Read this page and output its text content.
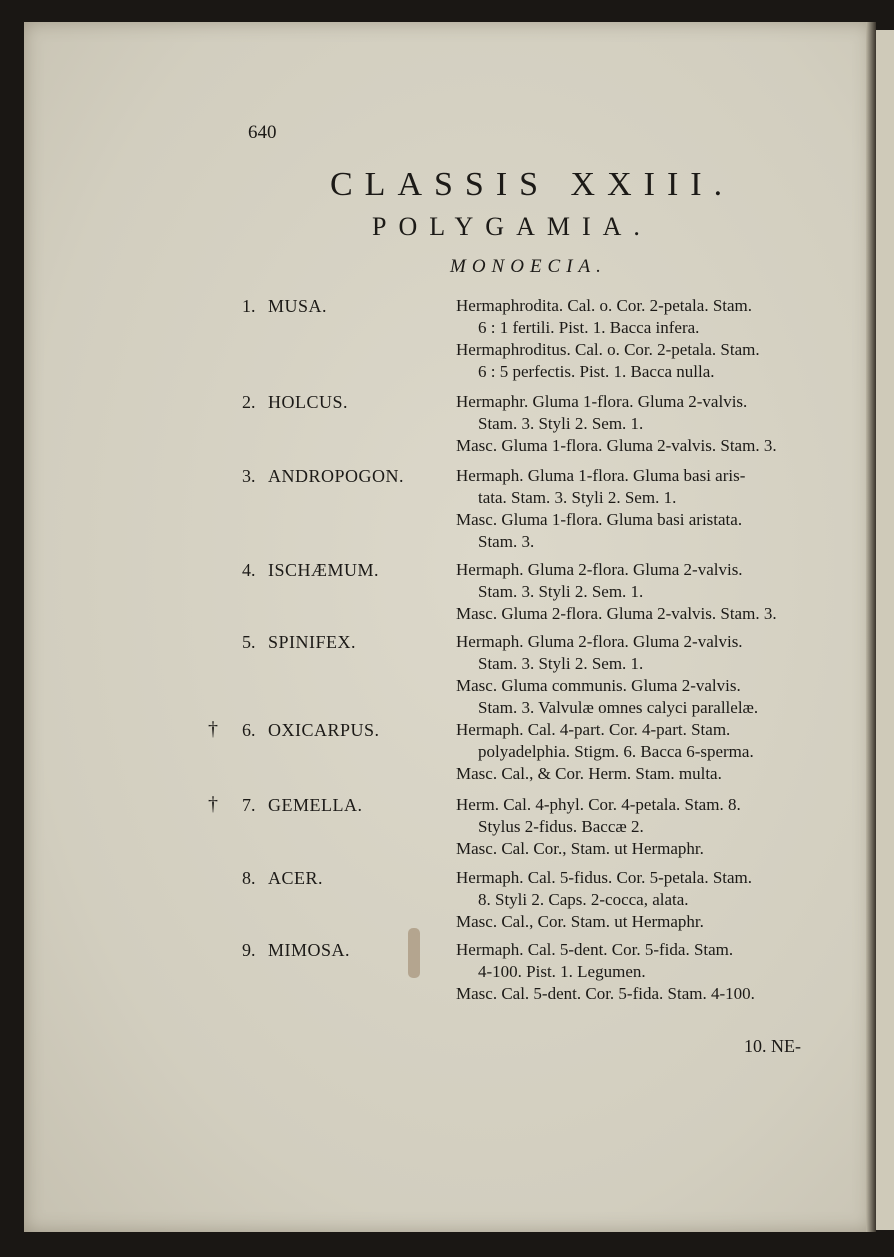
640
CLASSIS XXIII.
POLYGAMIA.
MONOECIA.
1. MUSA.	Hermaphrodita. Cal. o. Cor. 2-petala. Stam.
6 : 1 fertili. Pist. 1. Bacca infera.
Hermaphroditus. Cal. o. Cor. 2-petala. Stam.
6 : 5 perfectis. Pist. 1. Bacca nulla.
2. HOLCUS.	Hermaphr. Gluma 1-flora. Gluma 2-valvis.
Stam. 3. Styli 2. Sem. 1.
Masc. Gluma 1-flora. Gluma 2-valvis. Stam. 3.
3. ANDROPOGON.	Hermaph. Gluma 1-flora. Gluma basi aris-
tata. Stam. 3. Styli 2. Sem. 1.
Masc. Gluma 1-flora. Gluma basi aristata.
Stam. 3.
4. ISCHÆMUM.	Hermaph. Gluma 2-flora. Gluma 2-valvis.
Stam. 3. Styli 2. Sem. 1.
Masc. Gluma 2-flora. Gluma 2-valvis. Stam. 3.
5. SPINIFEX.	Hermaph. Gluma 2-flora. Gluma 2-valvis.
Stam. 3. Styli 2. Sem. 1.
Masc. Gluma communis. Gluma 2-valvis.
Stam. 3. Valvulæ omnes calyci parallelæ.
† 6. OXICARPUS.	Hermaph. Cal. 4-part. Cor. 4-part. Stam.
polyadelphia. Stigm. 6. Bacca 6-sperma.
Masc. Cal., & Cor. Herm. Stam. multa.
† 7. GEMELLA.	Herm. Cal. 4-phyl. Cor. 4-petala. Stam. 8.
Stylus 2-fidus. Baccæ 2.
Masc. Cal. Cor., Stam. ut Hermaphr.
8. ACER.	Hermaph. Cal. 5-fidus. Cor. 5-petala. Stam.
8. Styli 2. Caps. 2-cocca, alata.
Masc. Cal., Cor. Stam. ut Hermaphr.
9. MIMOSA.	Hermaph. Cal. 5-dent. Cor. 5-fida. Stam.
4-100. Pist. 1. Legumen.
Masc. Cal. 5-dent. Cor. 5-fida. Stam. 4-100.
10. NE-
